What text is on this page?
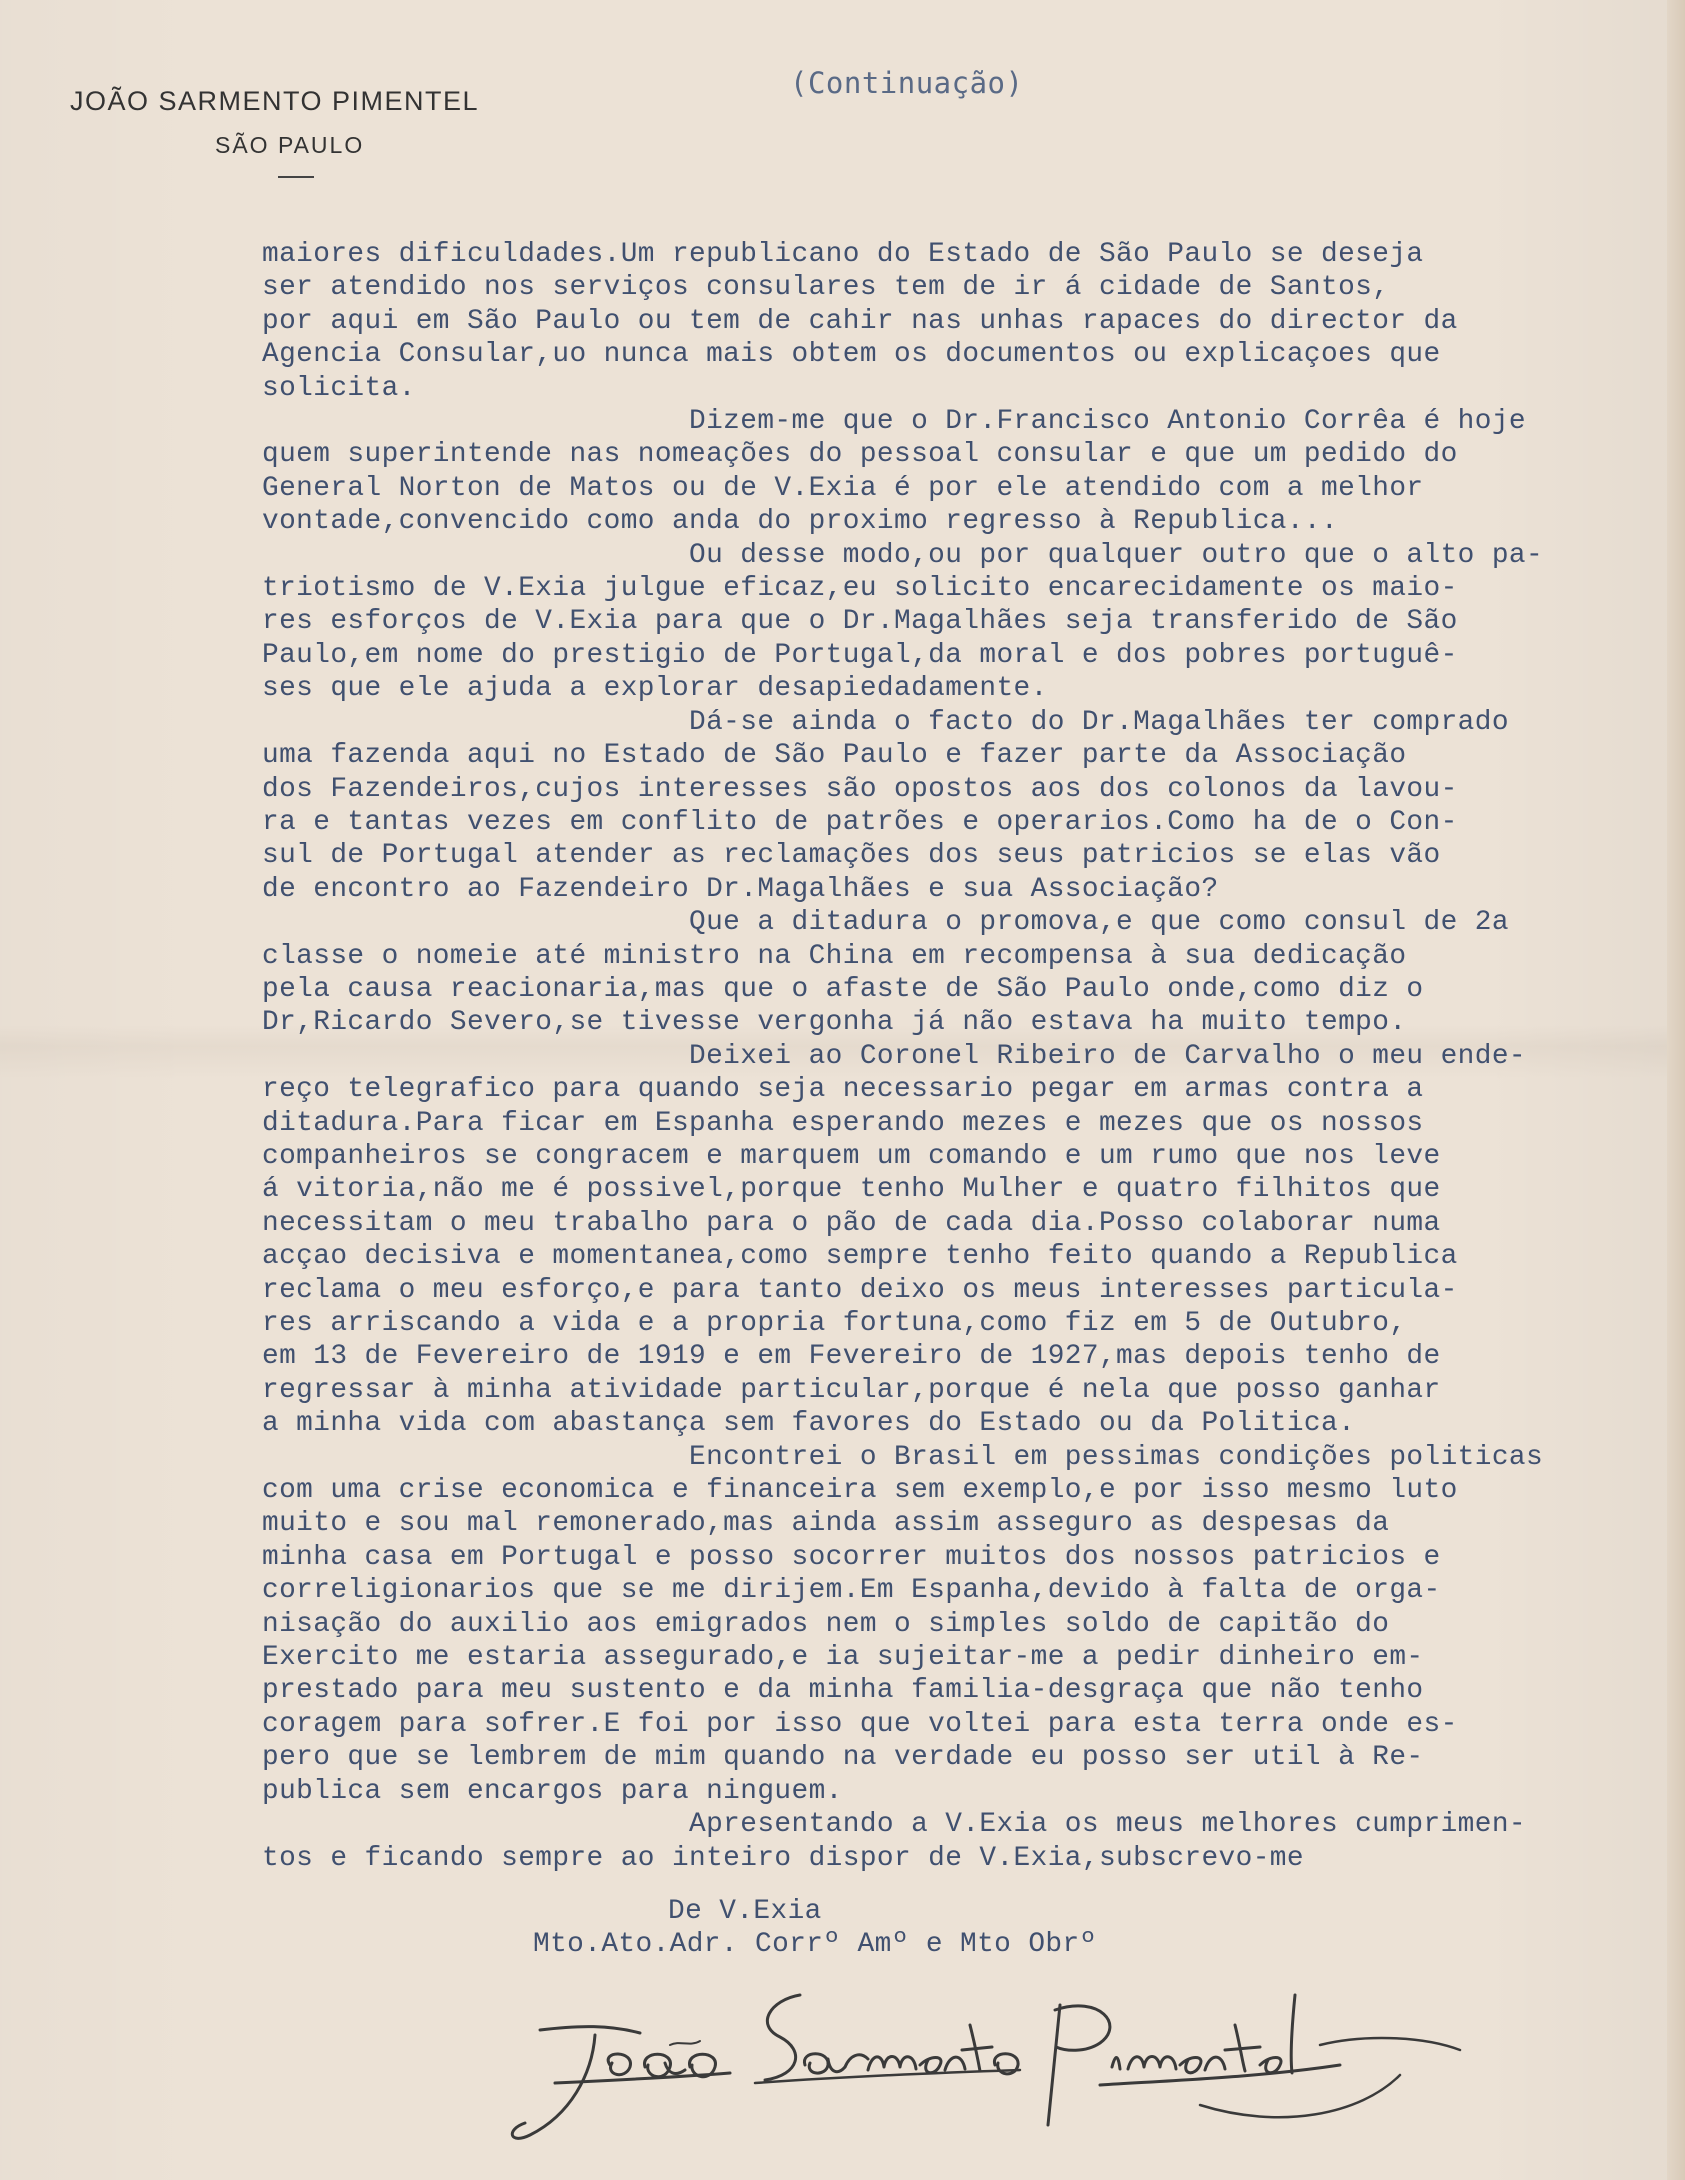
JOÃO SARMENTO PIMENTEL
SÃO PAULO
(Continuação)
maiores dificuldades.Um republicano do Estado de São Paulo se deseja
ser atendido nos serviços consulares tem de ir á cidade de Santos,
por aqui em São Paulo ou tem de cahir nas unhas rapaces do director da
Agencia Consular,uo nunca mais obtem os documentos ou explicaçoes que
solicita.
Dizem-me que o Dr.Francisco Antonio Corrêa é hoje
quem superintende nas nomeações do pessoal consular e que um pedido do
General Norton de Matos ou de V.Exia é por ele atendido com a melhor
vontade,convencido como anda do proximo regresso à Republica...
Ou desse modo,ou por qualquer outro que o alto pa-
triotismo de V.Exia julgue eficaz,eu solicito encarecidamente os maio-
res esforços de V.Exia para que o Dr.Magalhães seja transferido de São
Paulo,em nome do prestigio de Portugal,da moral e dos pobres portuguê-
ses que ele ajuda a explorar desapiedadamente.
Dá-se ainda o facto do Dr.Magalhães ter comprado
uma fazenda aqui no Estado de São Paulo e fazer parte da Associação
dos Fazendeiros,cujos interesses são opostos aos dos colonos da lavou-
ra e tantas vezes em conflito de patrões e operarios.Como ha de o Con-
sul de Portugal atender as reclamações dos seus patricios se elas vão
de encontro ao Fazendeiro Dr.Magalhães e sua Associação?
Que a ditadura o promova,e que como consul de 2a
classe o nomeie até ministro na China em recompensa à sua dedicação
pela causa reacionaria,mas que o afaste de São Paulo onde,como diz o
Dr,Ricardo Severo,se tivesse vergonha já não estava ha muito tempo.
Deixei ao Coronel Ribeiro de Carvalho o meu ende-
reço telegrafico para quando seja necessario pegar em armas contra a
ditadura.Para ficar em Espanha esperando mezes e mezes que os nossos
companheiros se congracem e marquem um comando e um rumo que nos leve
á vitoria,não me é possivel,porque tenho Mulher e quatro filhitos que
necessitam o meu trabalho para o pão de cada dia.Posso colaborar numa
acçao decisiva e momentanea,como sempre tenho feito quando a Republica
reclama o meu esforço,e para tanto deixo os meus interesses particula-
res arriscando a vida e a propria fortuna,como fiz em 5 de Outubro,
em 13 de Fevereiro de 1919 e em Fevereiro de 1927,mas depois tenho de
regressar à minha atividade particular,porque é nela que posso ganhar
a minha vida com abastança sem favores do Estado ou da Politica.
Encontrei o Brasil em pessimas condições politicas
com uma crise economica e financeira sem exemplo,e por isso mesmo luto
muito e sou mal remonerado,mas ainda assim asseguro as despesas da
minha casa em Portugal e posso socorrer muitos dos nossos patricios e
correligionarios que se me dirijem.Em Espanha,devido à falta de orga-
nisação do auxilio aos emigrados nem o simples soldo de capitão do
Exercito me estaria assegurado,e ia sujeitar-me a pedir dinheiro em-
prestado para meu sustento e da minha familia-desgraça que não tenho
coragem para sofrer.E foi por isso que voltei para esta terra onde es-
pero que se lembrem de mim quando na verdade eu posso ser util à Re-
publica sem encargos para ninguem.
Apresentando a V.Exia os meus melhores cumprimen-
tos e ficando sempre ao inteiro dispor de V.Exia,subscrevo-me
De V.Exia
Mto.Ato.Adr. Corrº Amº e Mto Obrº
